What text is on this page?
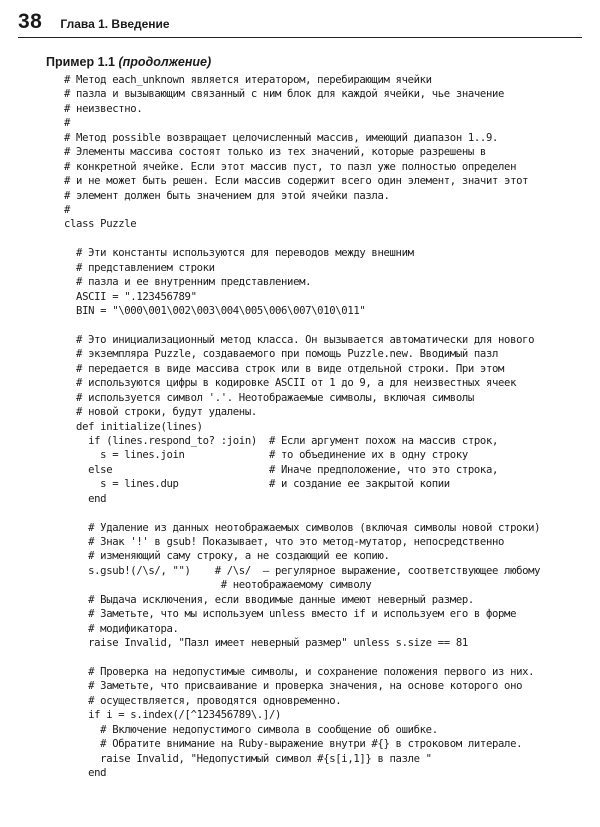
38 Глава 1. Введение
Пример 1.1 (продолжение)
# Метод each_unknown является итератором, перебирающим ячейки
# пазла и вызывающим связанный с ним блок для каждой ячейки, чье значение
# неизвестно.
#
# Метод possible возвращает целочисленный массив, имеющий диапазон 1..9.
# Элементы массива состоят только из тех значений, которые разрешены в
# конкретной ячейке. Если этот массив пуст, то пазл уже полностью определен
# и не может быть решен. Если массив содержит всего один элемент, значит этот
# элемент должен быть значением для этой ячейки пазла.
#
class Puzzle
# Эти константы используются для переводов между внешним
# представлением строки
# пазла и ее внутренним представлением.
ASCII = ".123456789"
BIN = "\000\001\002\003\004\005\006\007\010\011"
# Это инициализационный метод класса. Он вызывается автоматически для нового
# экземпляра Puzzle, создаваемого при помощь Puzzle.new. Вводимый пазл
# передается в виде массива строк или в виде отдельной строки. При этом
# используются цифры в кодировке ASCII от 1 до 9, а для неизвестных ячеек
# используется символ '.'. Неотображаемые символы, включая символы
# новой строки, будут удалены.
def initialize(lines)
if (lines.respond_to? :join)  # Если аргумент похож на массив строк,
s = lines.join              # то объединение их в одну строку
else                          # Иначе предположение, что это строка,
s = lines.dup               # и создание ее закрытой копии
end
# Удаление из данных неотображаемых символов (включая символы новой строки)
# Знак '!' в gsub! Показывает, что это метод-мутатор, непосредственно
# изменяющий саму строку, а не создающий ее копию.
s.gsub!(/\s/, "")    # /\s/  – регулярное выражение, соответствующее любому
# неотображаемому символу
# Выдача исключения, если вводимые данные имеют неверный размер.
# Заметьте, что мы используем unless вместо if и используем его в форме
# модификатора.
raise Invalid, "Пазл имеет неверный размер" unless s.size == 81
# Проверка на недопустимые символы, и сохранение положения первого из них.
# Заметьте, что присваивание и проверка значения, на основе которого оно
# осуществляется, проводятся одновременно.
if i = s.index(/[^123456789\.]/)
# Включение недопустимого символа в сообщение об ошибке.
# Обратите внимание на Ruby-выражение внутри #{} в строковом литерале.
raise Invalid, "Недопустимый символ #{s[i,1]} в пазле "
end
